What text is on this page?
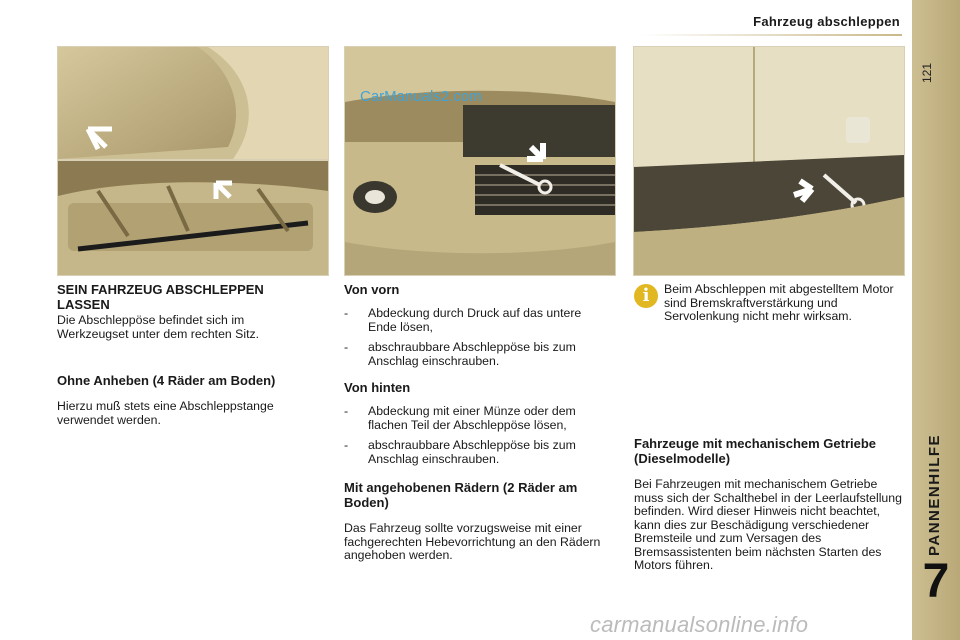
Fahrzeug abschleppen
121
PANNENHILFE
7
CarManuals2.com
SEIN FAHRZEUG ABSCHLEPPEN LASSEN

Die Abschleppöse befindet sich im Werkzeugset unter dem rechten Sitz.

Ohne Anheben (4 Räder am Boden)

Hierzu muß stets eine Abschleppstange verwendet werden.

Von vorn
- Abdeckung durch Druck auf das untere Ende lösen,
- abschraubbare Abschleppöse bis zum Anschlag einschrauben.
Von hinten
- Abdeckung mit einer Münze oder dem flachen Teil der Abschleppöse lösen,
- abschraubbare Abschleppöse bis zum Anschlag einschrauben.
Mit angehobenen Rädern (2 Räder am Boden)

Das Fahrzeug sollte vorzugsweise mit einer fachgerechten Hebevorrichtung an den Rädern angehoben werden.

i	Beim Abschleppen mit abgestelltem Motor sind Bremskraftverstärkung und Servolenkung nicht mehr wirksam.

Fahrzeuge mit mechanischem Getriebe (Dieselmodelle)

Bei Fahrzeugen mit mechanischem Getriebe muss sich der Schalthebel in der Leerlaufstellung befinden. Wird dieser Hinweis nicht beachtet, kann dies zur Beschädigung verschiedener Bremsteile und zum Versagen des Bremsassistenten beim nächsten Starten des Motors führen.

carmanualsonline.info
